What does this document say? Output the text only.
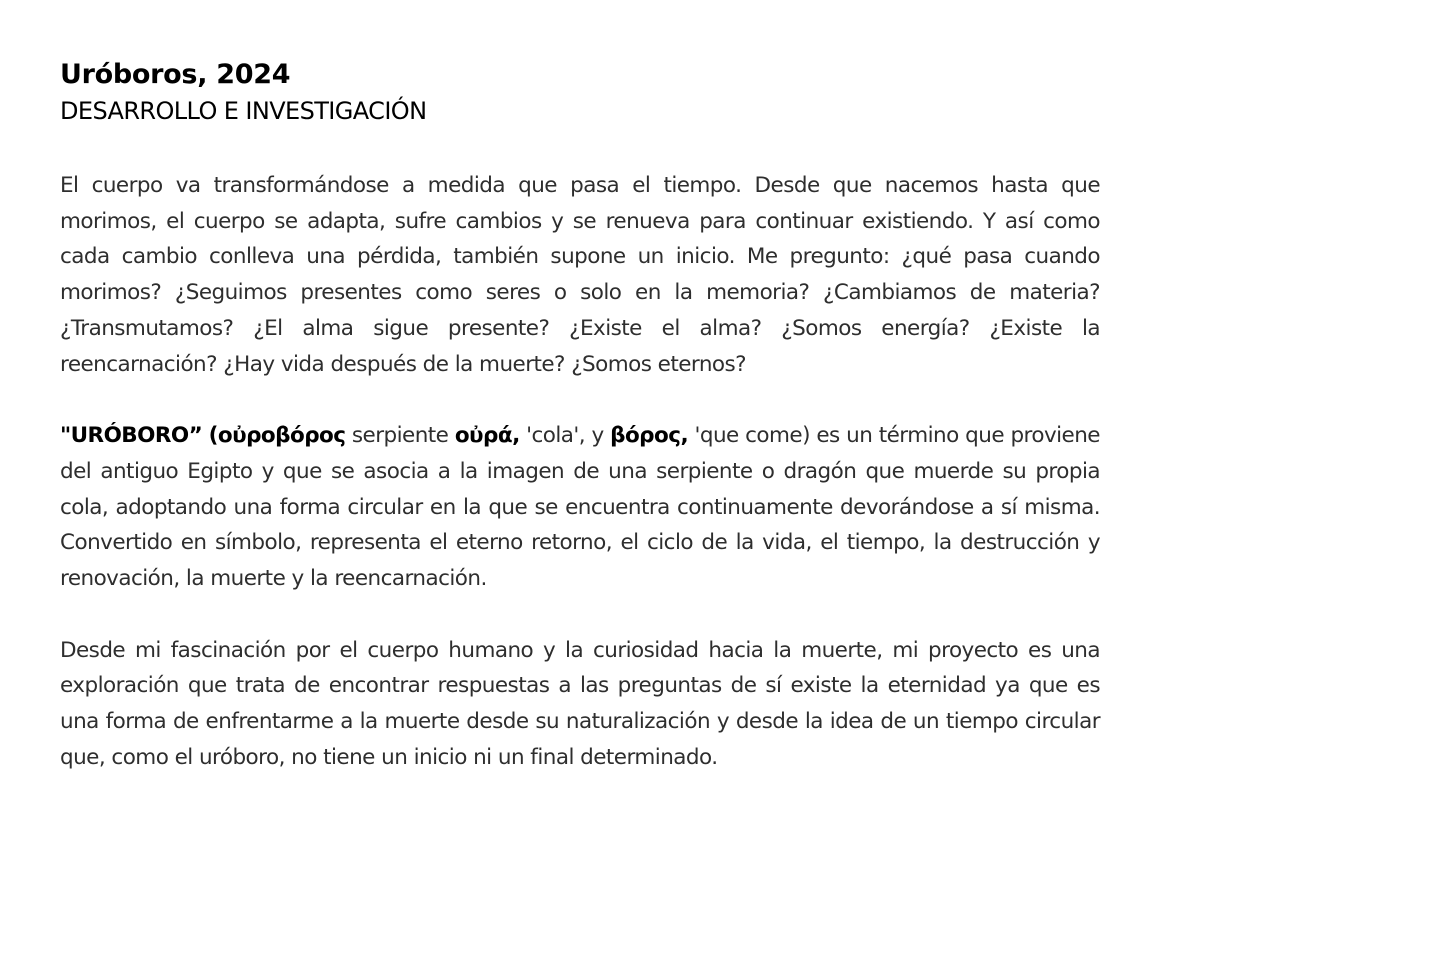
Uróboros, 2024
DESARROLLO E INVESTIGACIÓN

El cuerpo va transformándose a medida que pasa el tiempo. Desde que nacemos hasta que morimos, el cuerpo se adapta, sufre cambios y se renueva para continuar existiendo. Y así como cada cambio conlleva una pérdida, también supone un inicio. Me pregunto: ¿qué pasa cuando morimos? ¿Seguimos presentes como seres o solo en la memoria? ¿Cambiamos de materia? ¿Transmutamos? ¿El alma sigue presente? ¿Existe el alma? ¿Somos energía? ¿Existe la reencarnación? ¿Hay vida después de la muerte? ¿Somos eternos?

"URÓBORO” (οὐροβόρος serpiente οὐρά, 'cola', y βόρος, 'que come) es un término que proviene del antiguo Egipto y que se asocia a la imagen de una serpiente o dragón que muerde su propia cola, adoptando una forma circular en la que se encuentra continuamente devorándose a sí misma. Convertido en símbolo, representa el eterno retorno, el ciclo de la vida, el tiempo, la destrucción y renovación, la muerte y la reencarnación.

Desde mi fascinación por el cuerpo humano y la curiosidad hacia la muerte, mi proyecto es una exploración que trata de encontrar respuestas a las preguntas de sí existe la eternidad ya que es una forma de enfrentarme a la muerte desde su naturalización y desde la idea de un tiempo circular que, como el uróboro, no tiene un inicio ni un final determinado.
